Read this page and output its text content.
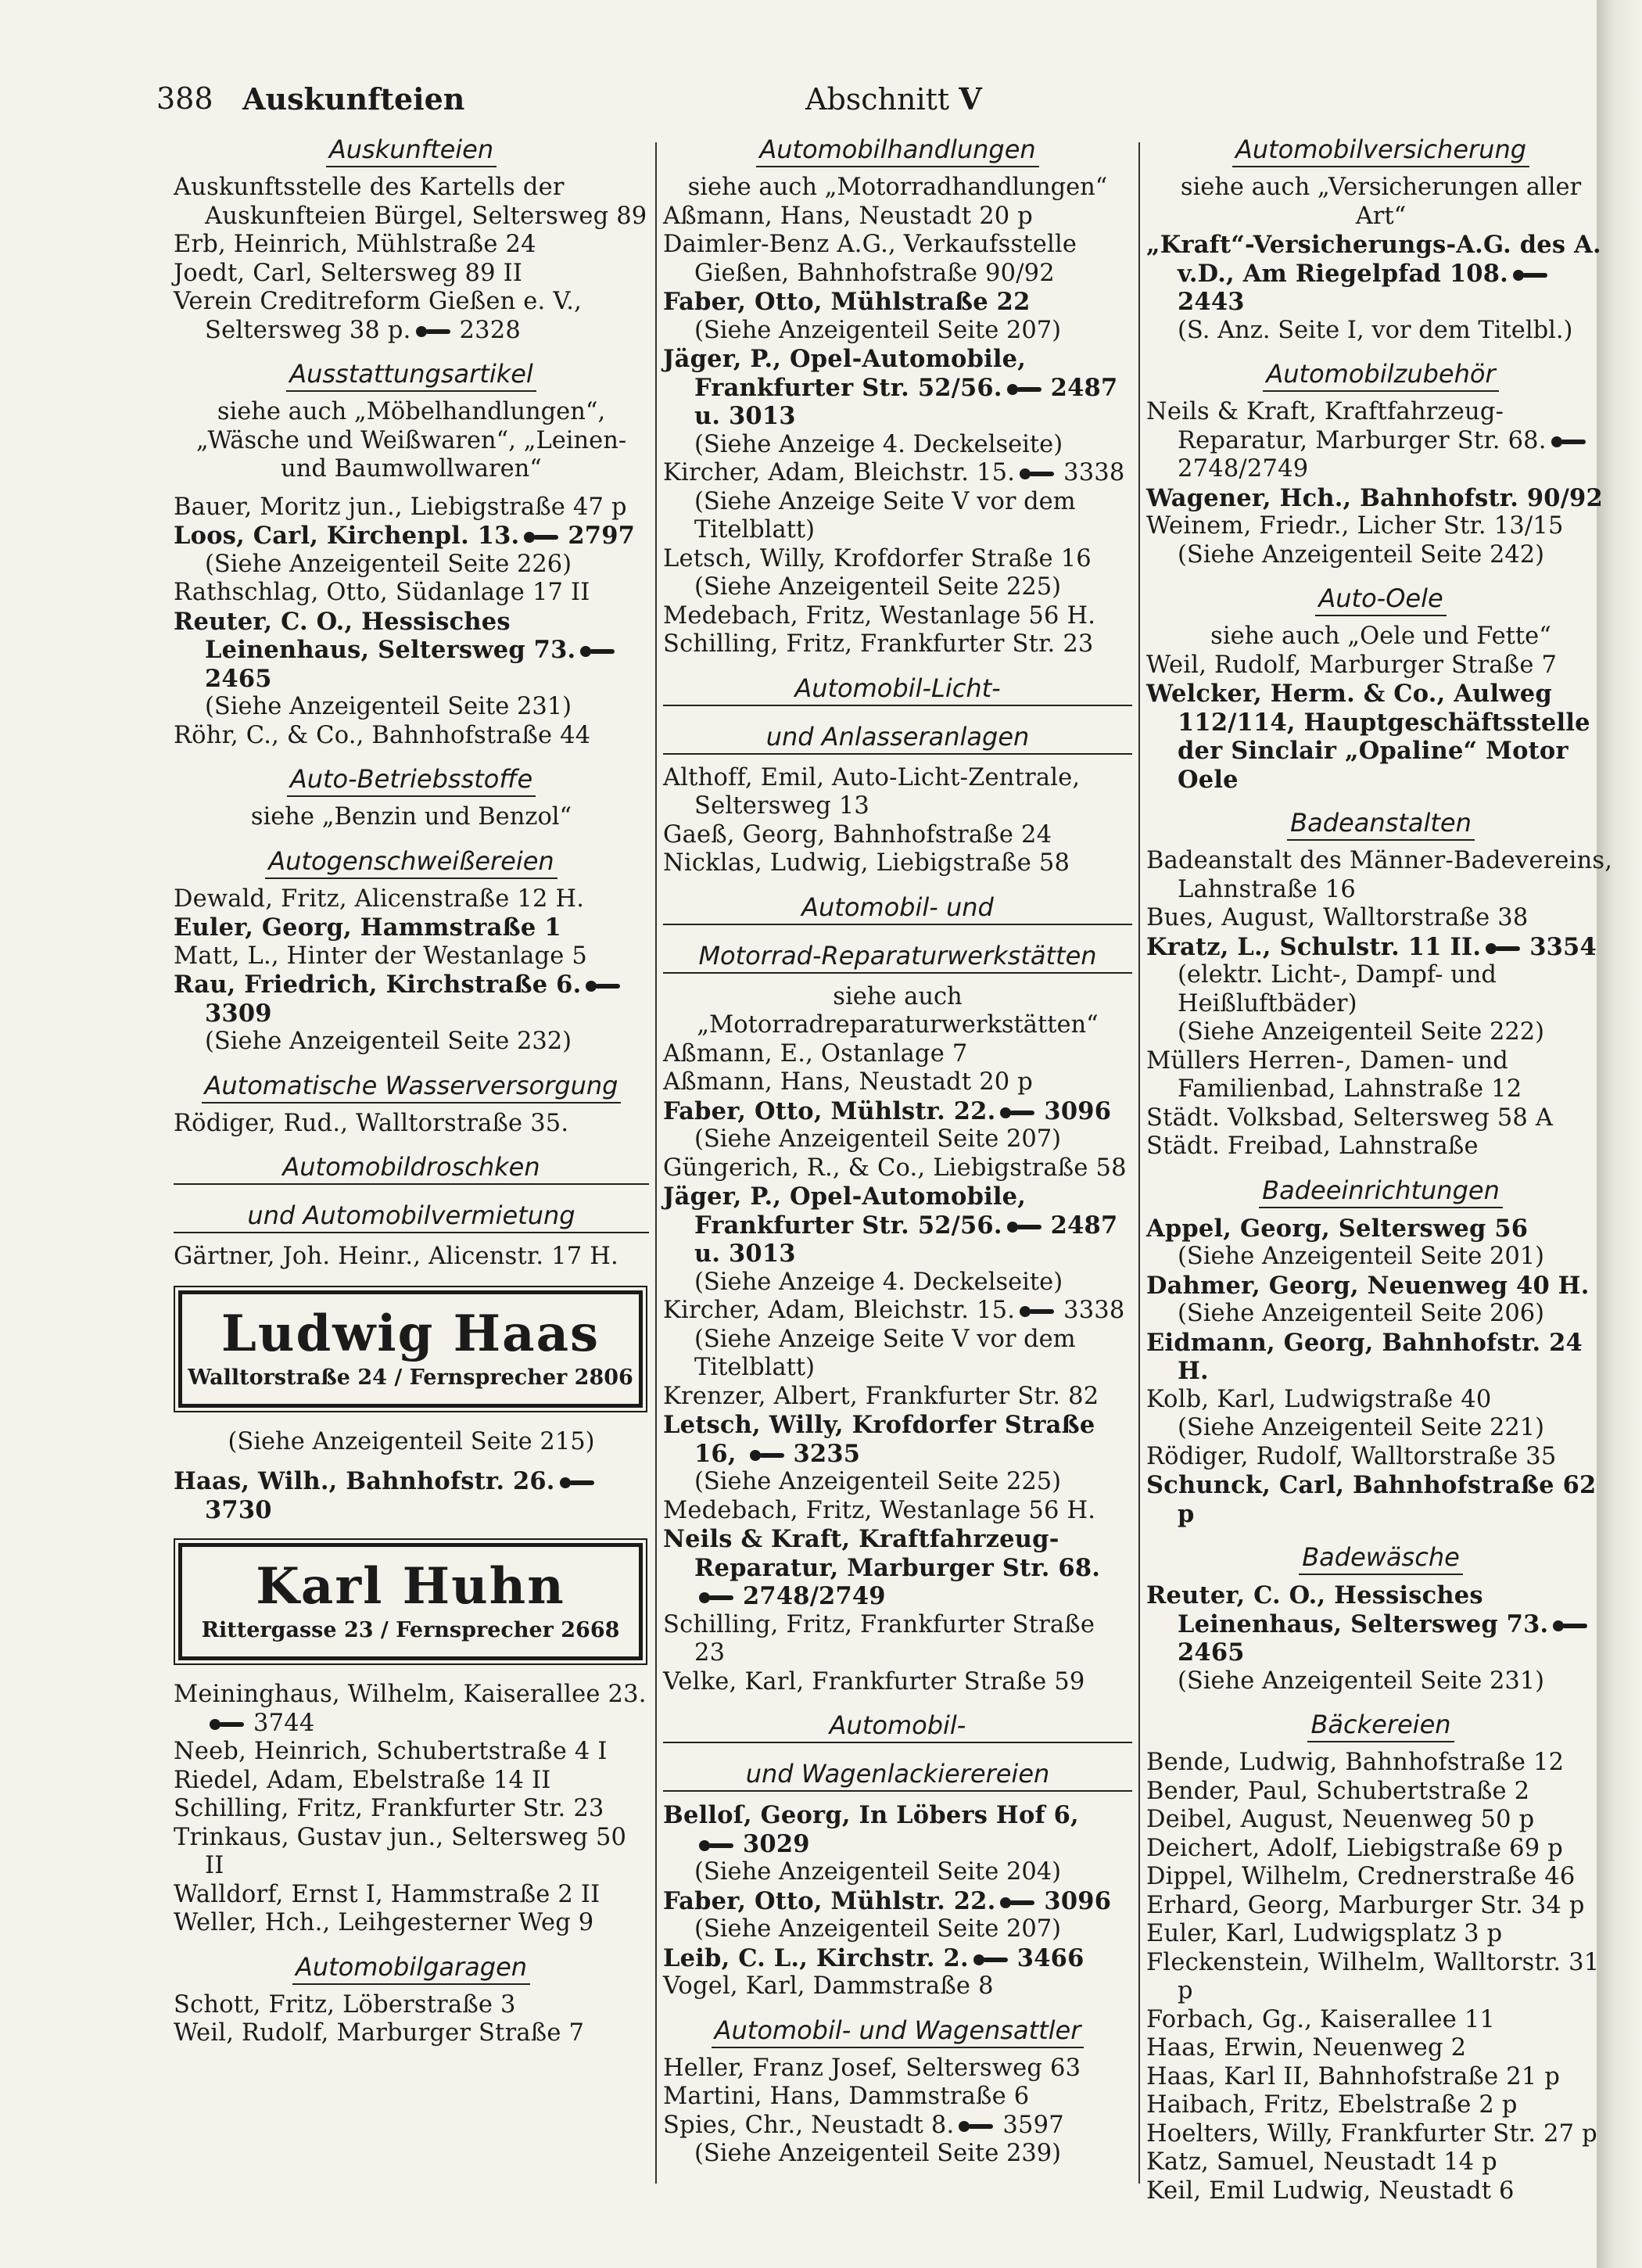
388 Auskunfteien	Abschnitt V
Auskunfteien
Auskunftsstelle des Kartells der Auskunfteien Bürgel, Seltersweg 89
Erb, Heinrich, Mühlstraße 24
Joedt, Carl, Seltersweg 89 II
Verein Creditreform Gießen e. V., Seltersweg 38 p. 2328
Ausstattungsartikel
siehe auch „Möbelhandlungen“, „Wäsche und Weißwaren“, „Leinen- und Baumwollwaren“
Bauer, Moritz jun., Liebigstraße 47 p
Loos, Carl, Kirchenpl. 13. 2797
(Siehe Anzeigenteil Seite 226)
Rathschlag, Otto, Südanlage 17 II
Reuter, C. O., Hessisches Leinenhaus, Seltersweg 73.2465
(Siehe Anzeigenteil Seite 231)
Röhr, C., & Co., Bahnhofstraße 44
Auto-Betriebsstoffe
siehe „Benzin und Benzol“
Autogenschweißereien
Dewald, Fritz, Alicenstraße 12 H.
Euler, Georg, Hammstraße 1
Matt, L., Hinter der Westanlage 5
Rau, Friedrich, Kirchstraße 6.3309
(Siehe Anzeigenteil Seite 232)
Automatische Wasserversorgung
Rödiger, Rud., Walltorstraße 35.
Automobildroschken
und Automobilvermietung
Gärtner, Joh. Heinr., Alicenstr. 17 H.
Ludwig Haas
Walltorstraße 24 / Fernsprecher 2806
(Siehe Anzeigenteil Seite 215)
Haas, Wilh., Bahnhofstr. 26.3730
Karl Huhn
Rittergasse 23 / Fernsprecher 2668
Meininghaus, Wilhelm, Kaiserallee 23. 3744
Neeb, Heinrich, Schubertstraße 4 I
Riedel, Adam, Ebelstraße 14 II
Schilling, Fritz, Frankfurter Str. 23
Trinkaus, Gustav jun., Seltersweg 50 II
Walldorf, Ernst I, Hammstraße 2 II
Weller, Hch., Leihgesterner Weg 9
Automobilgaragen
Schott, Fritz, Löberstraße 3
Weil, Rudolf, Marburger Straße 7
Automobilhandlungen
siehe auch „Motorradhandlungen“
Aßmann, Hans, Neustadt 20 p
Daimler-Benz A.G., Verkaufsstelle Gießen, Bahnhofstraße 90/92
Faber, Otto, Mühlstraße 22
(Siehe Anzeigenteil Seite 207)
Jäger, P., Opel-Automobile, Frankfurter Str. 52/56. 2487 u. 3013
(Siehe Anzeige 4. Deckelseite)
Kircher, Adam, Bleichstr. 15. 3338
(Siehe Anzeige Seite V vor dem Titelblatt)
Letsch, Willy, Krofdorfer Straße 16
(Siehe Anzeigenteil Seite 225)
Medebach, Fritz, Westanlage 56 H.
Schilling, Fritz, Frankfurter Str. 23
Automobil-Licht-
und Anlasseranlagen
Althoff, Emil, Auto-Licht-Zentrale, Seltersweg 13
Gaeß, Georg, Bahnhofstraße 24
Nicklas, Ludwig, Liebigstraße 58
Automobil- und
Motorrad-Reparaturwerkstätten
siehe auch „Motorradreparaturwerkstätten“
Aßmann, E., Ostanlage 7
Aßmann, Hans, Neustadt 20 p
Faber, Otto, Mühlstr. 22. 3096
(Siehe Anzeigenteil Seite 207)
Güngerich, R., & Co., Liebigstraße 58
Jäger, P., Opel-Automobile, Frankfurter Str. 52/56. 2487 u. 3013
(Siehe Anzeige 4. Deckelseite)
Kircher, Adam, Bleichstr. 15. 3338
(Siehe Anzeige Seite V vor dem Titelblatt)
Krenzer, Albert, Frankfurter Str. 82
Letsch, Willy, Krofdorfer Straße 16, 3235
(Siehe Anzeigenteil Seite 225)
Medebach, Fritz, Westanlage 56 H.
Neils & Kraft, Kraftfahrzeug-Reparatur, Marburger Str. 68.2748/2749
Schilling, Fritz, Frankfurter Straße 23
Velke, Karl, Frankfurter Straße 59
Automobil-
und Wagenlackierereien
Belloſ, Georg, In Löbers Hof 6, 3029
(Siehe Anzeigenteil Seite 204)
Faber, Otto, Mühlstr. 22. 3096
(Siehe Anzeigenteil Seite 207)
Leib, C. L., Kirchstr. 2. 3466
Vogel, Karl, Dammstraße 8
Automobil- und Wagensattler
Heller, Franz Josef, Seltersweg 63
Martini, Hans, Dammstraße 6
Spies, Chr., Neustadt 8. 3597
(Siehe Anzeigenteil Seite 239)
Automobilversicherung
siehe auch „Versicherungen aller Art“
„Kraft“-Versicherungs-A.G. des A. v.D., Am Riegelpfad 108.2443
(S. Anz. Seite I, vor dem Titelbl.)
Automobilzubehör
Neils & Kraft, Kraftfahrzeug-Reparatur, Marburger Str. 68.2748/2749
Wagener, Hch., Bahnhofstr. 90/92
Weinem, Friedr., Licher Str. 13/15
(Siehe Anzeigenteil Seite 242)
Auto-Oele
siehe auch „Oele und Fette“
Weil, Rudolf, Marburger Straße 7
Welcker, Herm. & Co., Aulweg 112/114, Hauptgeschäftsstelle der Sinclair „Opaline“ Motor Oele
Badeanstalten
Badeanstalt des Männer-Badevereins, Lahnstraße 16
Bues, August, Walltorstraße 38
Kratz, L., Schulstr. 11 II. 3354
(elektr. Licht-, Dampf- und Heißluftbäder)
(Siehe Anzeigenteil Seite 222)
Müllers Herren-, Damen- und Familienbad, Lahnstraße 12
Städt. Volksbad, Seltersweg 58 A
Städt. Freibad, Lahnstraße
Badeeinrichtungen
Appel, Georg, Seltersweg 56
(Siehe Anzeigenteil Seite 201)
Dahmer, Georg, Neuenweg 40 H.
(Siehe Anzeigenteil Seite 206)
Eidmann, Georg, Bahnhofstr. 24 H.
Kolb, Karl, Ludwigstraße 40
(Siehe Anzeigenteil Seite 221)
Rödiger, Rudolf, Walltorstraße 35
Schunck, Carl, Bahnhofstraße 62 p
Badewäsche
Reuter, C. O., Hessisches Leinenhaus, Seltersweg 73.2465
(Siehe Anzeigenteil Seite 231)
Bäckereien
Bende, Ludwig, Bahnhofstraße 12
Bender, Paul, Schubertstraße 2
Deibel, August, Neuenweg 50 p
Deichert, Adolf, Liebigstraße 69 p
Dippel, Wilhelm, Crednerstraße 46
Erhard, Georg, Marburger Str. 34 p
Euler, Karl, Ludwigsplatz 3 p
Fleckenstein, Wilhelm, Walltorstr. 31 p
Forbach, Gg., Kaiserallee 11
Haas, Erwin, Neuenweg 2
Haas, Karl II, Bahnhofstraße 21 p
Haibach, Fritz, Ebelstraße 2 p
Hoelters, Willy, Frankfurter Str. 27 p
Katz, Samuel, Neustadt 14 p
Keil, Emil Ludwig, Neustadt 6
